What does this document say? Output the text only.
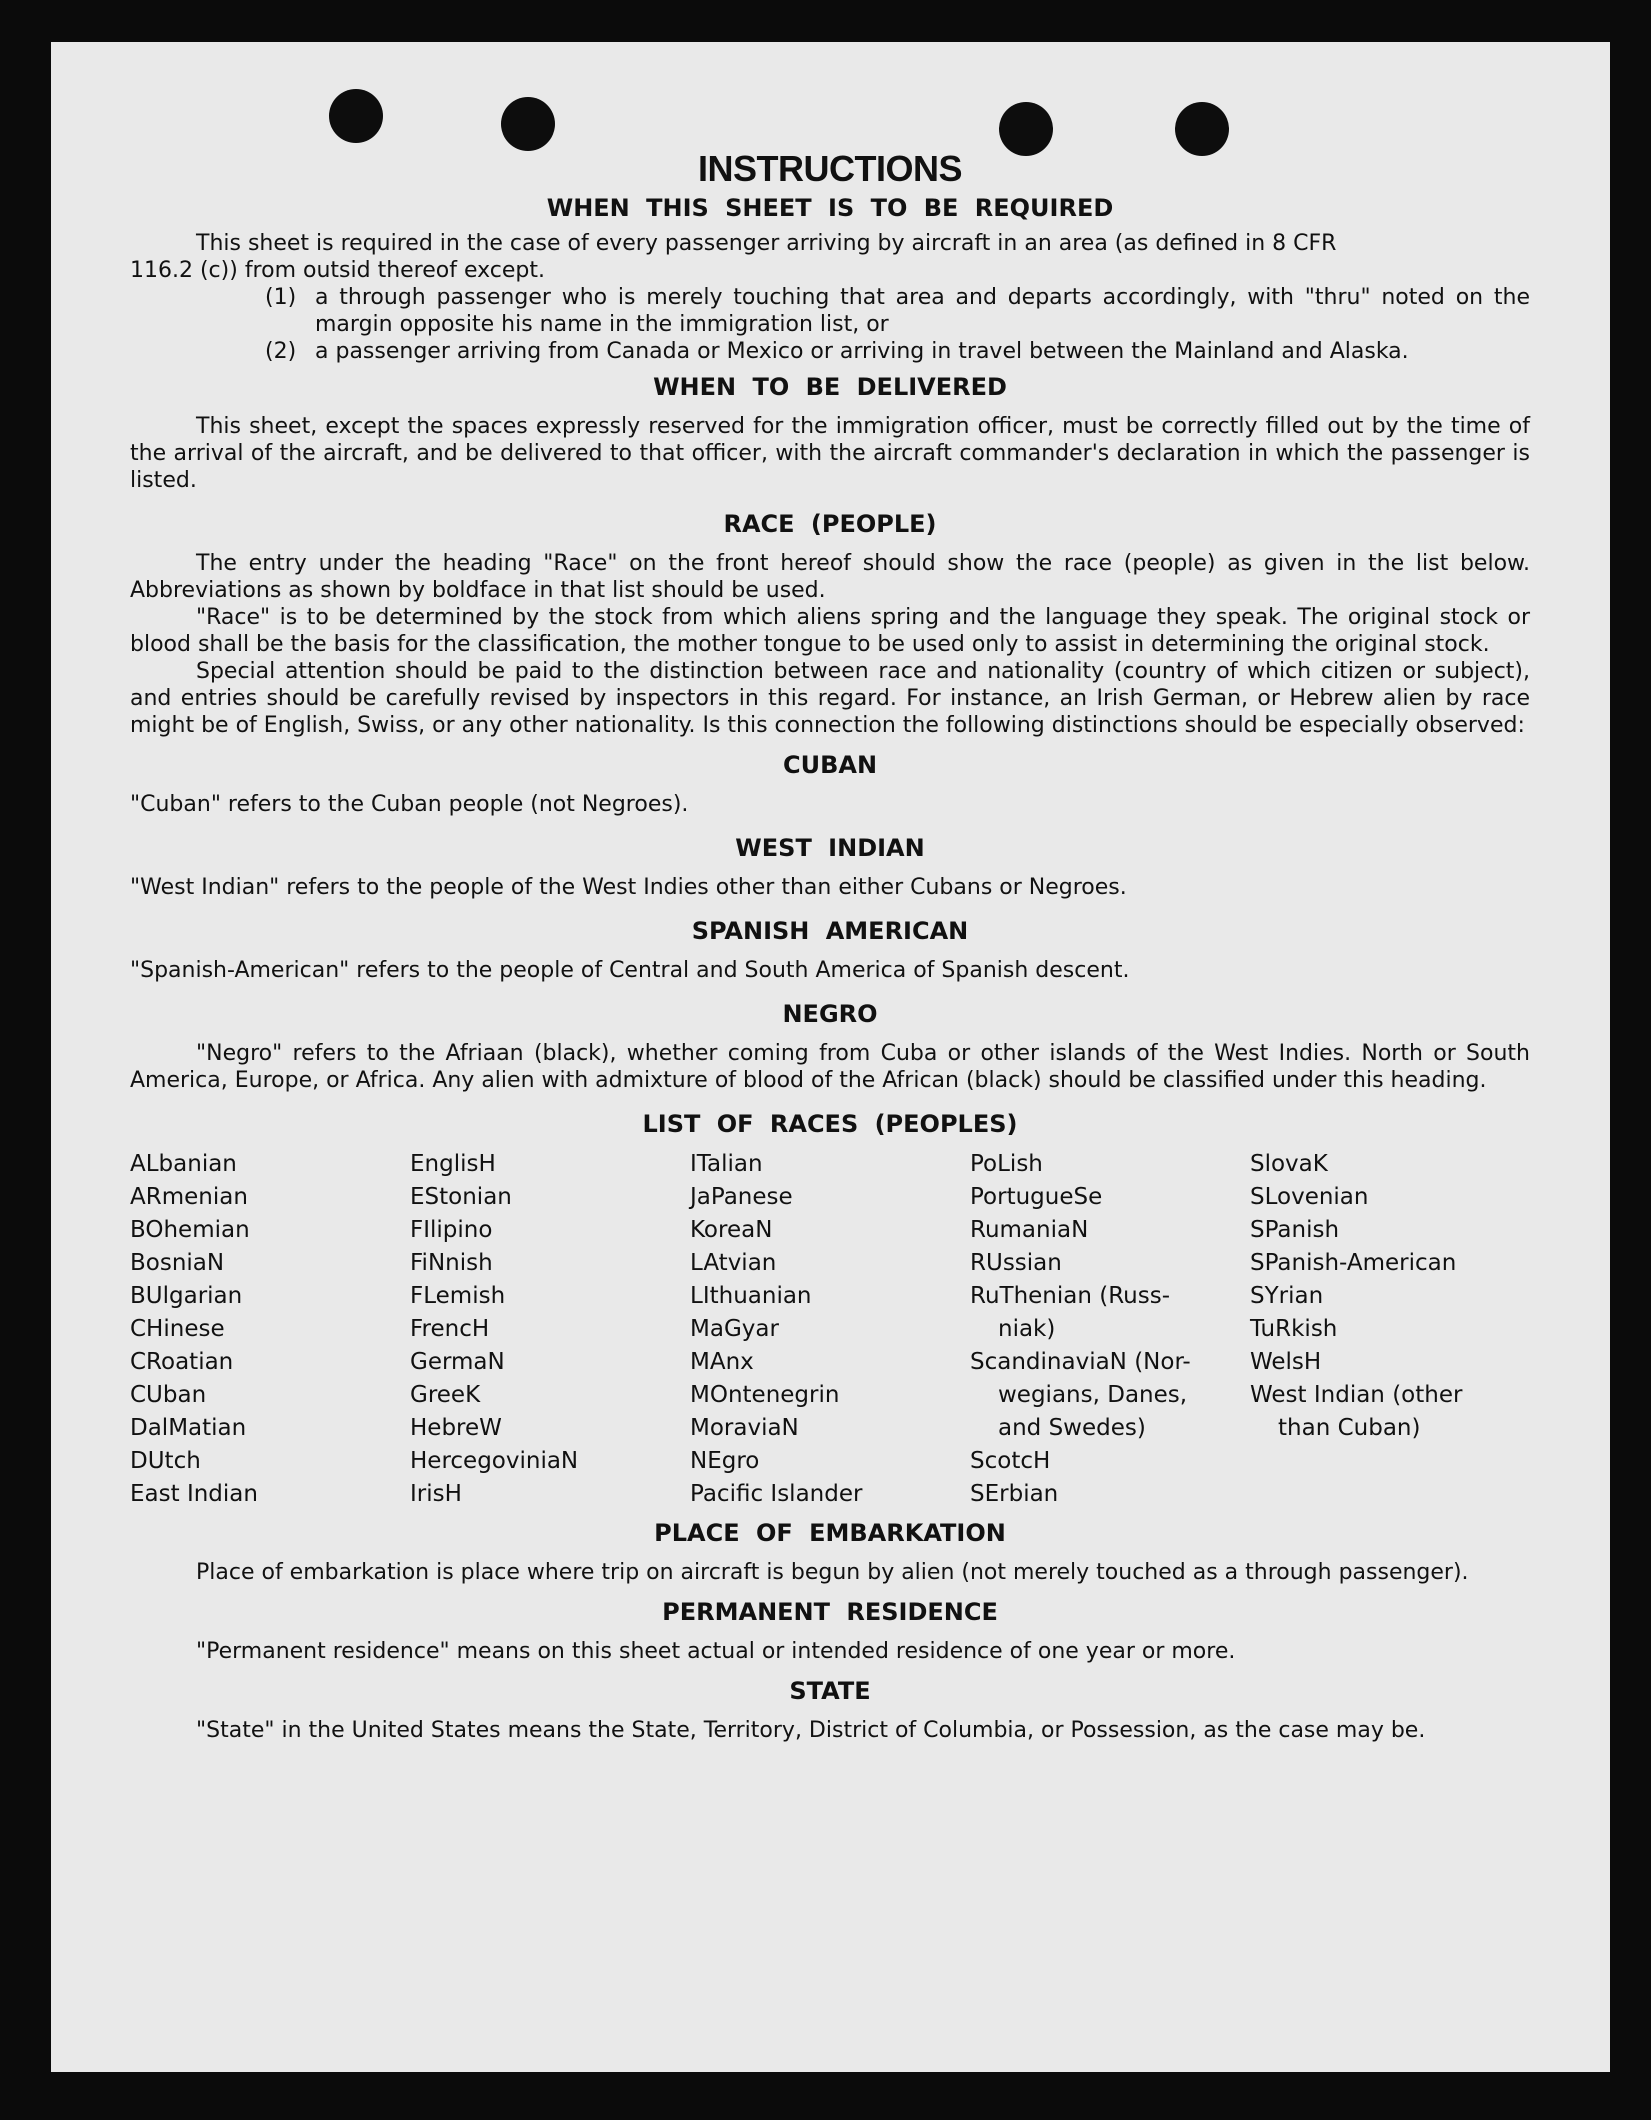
INSTRUCTIONS
WHEN THIS SHEET IS TO BE REQUIRED

This sheet is required in the case of every passenger arriving by aircraft in an area (as defined in 8 CFR

116.2 (c)) from outsid thereof except.
(1) a through passenger who is merely touching that area and departs accordingly, with "thru" noted on the margin opposite his name in the immigration list, or
(2) a passenger arriving from Canada or Mexico or arriving in travel between the Mainland and Alaska.
WHEN TO BE DELIVERED

This sheet, except the spaces expressly reserved for the immigration officer, must be correctly filled out by the time of the arrival of the aircraft, and be delivered to that officer, with the aircraft commander's declaration in which the passenger is listed.

RACE (PEOPLE)

The entry under the heading "Race" on the front hereof should show the race (people) as given in the list below. Abbreviations as shown by boldface in that list should be used.

"Race" is to be determined by the stock from which aliens spring and the language they speak. The original stock or blood shall be the basis for the classification, the mother tongue to be used only to assist in determining the original stock.

Special attention should be paid to the distinction between race and nationality (country of which citizen or subject), and entries should be carefully revised by inspectors in this regard. For instance, an Irish German, or Hebrew alien by race might be of English, Swiss, or any other nationality. Is this connection the following distinctions should be especially observed:

CUBAN

"Cuban" refers to the Cuban people (not Negroes).

WEST INDIAN

"West Indian" refers to the people of the West Indies other than either Cubans or Negroes.

SPANISH AMERICAN

"Spanish-American" refers to the people of Central and South America of Spanish descent.

NEGRO

"Negro" refers to the Afriaan (black), whether coming from Cuba or other islands of the West Indies. North or South America, Europe, or Africa. Any alien with admixture of blood of the African (black) should be classified under this heading.

LIST OF RACES (PEOPLES)
ALbanian
ARmenian
BOhemian
BosniaN
BUlgarian
CHinese
CRoatian
CUban
DalMatian
DUtch
East Indian
EnglisH
EStonian
FIlipino
FiNnish
FLemish
FrencH
GermaN
GreeK
HebreW
HercegoviniaN
IrisH
ITalian
JaPanese
KoreaN
LAtvian
LIthuanian
MaGyar
MAnx
MOntenegrin
MoraviaN
NEgro
Pacific Islander
PoLish
PortugueSe
RumaniaN
RUssian
RuThenian (Russ-
niak)
ScandinaviaN (Nor-
wegians, Danes,
and Swedes)
ScotcH
SErbian
SlovaK
SLovenian
SPanish
SPanish-American
SYrian
TuRkish
WelsH
West Indian (other
than Cuban)
PLACE OF EMBARKATION

Place of embarkation is place where trip on aircraft is begun by alien (not merely touched as a through passenger).

PERMANENT RESIDENCE

"Permanent residence" means on this sheet actual or intended residence of one year or more.

STATE

"State" in the United States means the State, Territory, District of Columbia, or Possession, as the case may be.
